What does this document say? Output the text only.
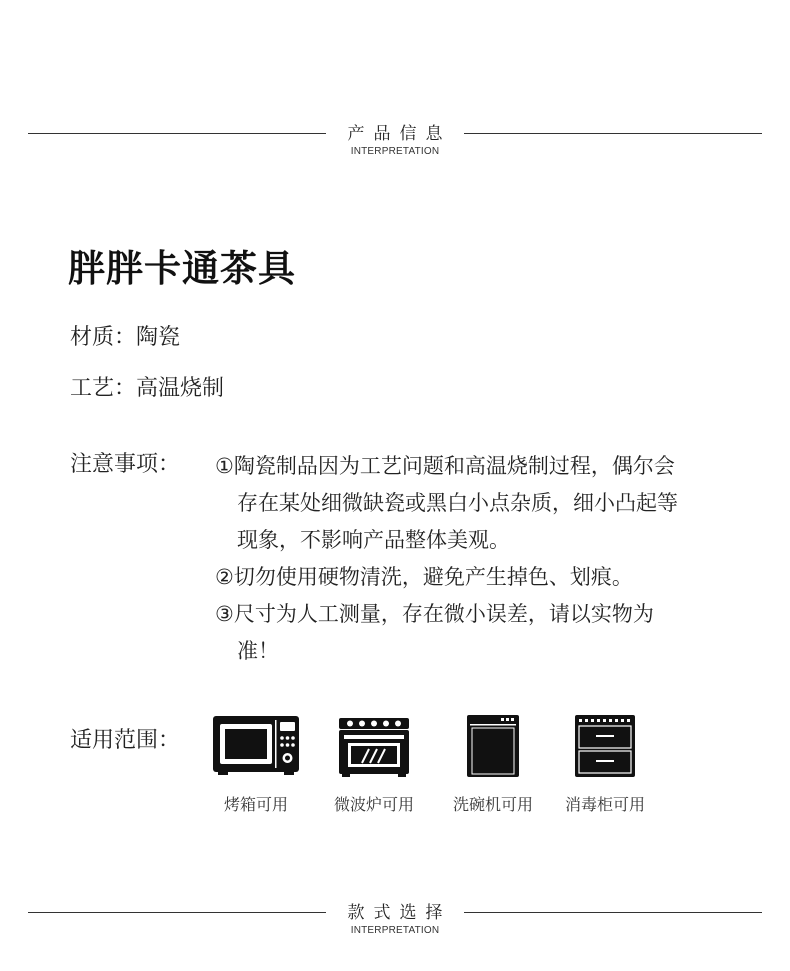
产品信息
INTERPRETATION
胖胖卡通茶具
材质：陶瓷
工艺：高温烧制
注意事项： ①陶瓷制品因为工艺问题和高温烧制过程，偶尔会存在某处细微缺瓷或黑白小点杂质，细小凸起等现象，不影响产品整体美观。
②切勿使用硬物清洗，避免产生掉色、划痕。
③尺寸为人工测量，存在微小误差，请以实物为准！
适用范围：
烤箱可用	微波炉可用	洗碗机可用	消毒柜可用
款式选择
INTERPRETATION
